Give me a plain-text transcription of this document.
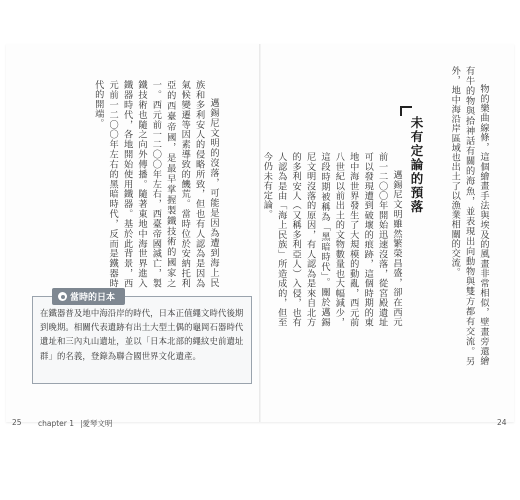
物的樂曲線條，這個繪畫手法與埃及的風畫非常相似，壁畫旁還繪有牛的物與拾神話有關的海魚，並表現出向動物與雙方都有交流。另外，地中海沿岸區域也出土了以漁業相關的交流。

未有定論的預落

邁錫尼文明雖然繁榮昌盛，卻在西元前一二〇〇年開始迅速沒落，從宮殿遺址可以發現遭到破壞的痕跡，這個時期的東地中海世界發生了大規模的動亂，西元前八世紀以前出土的文物數量也大幅減少，這段時期被稱為「黑暗時代」。關於邁錫尼文明沒落的原因，有人認為是來自北方的多利安人（又稱多利亞人）入侵，也有人認為是由「海上民族」所造成的，但至今仍未有定論。

邁錫尼文明的沒落，可能是因為遭到海上民族和多利安人的侵略所致，但也有人認為是因為氣候變遷等因素導致的饑荒。當時位於安納托利亞的西臺帝國，是最早掌握製鐵技術的國家之一。西元前一二〇〇年左右，西臺帝國滅亡，製鐵技術也隨之向外傳播。隨著東地中海世界進入鐵器時代，各地開始使用鐵器。基於此背景，西元前一二〇〇年左右的黑暗時代，反而是鐵器時代的開端。

當時的日本
在鐵器普及地中海沿岸的時代，日本正值繩文時代後期到晚期。相關代表遺跡有出土大型土偶的龜岡石器時代遺址和三內丸山遺址，並以「日本北部的繩紋史前遺址群」的名義，登錄為聯合國世界文化遺產。
25 chapter 1 愛琴文明	24
